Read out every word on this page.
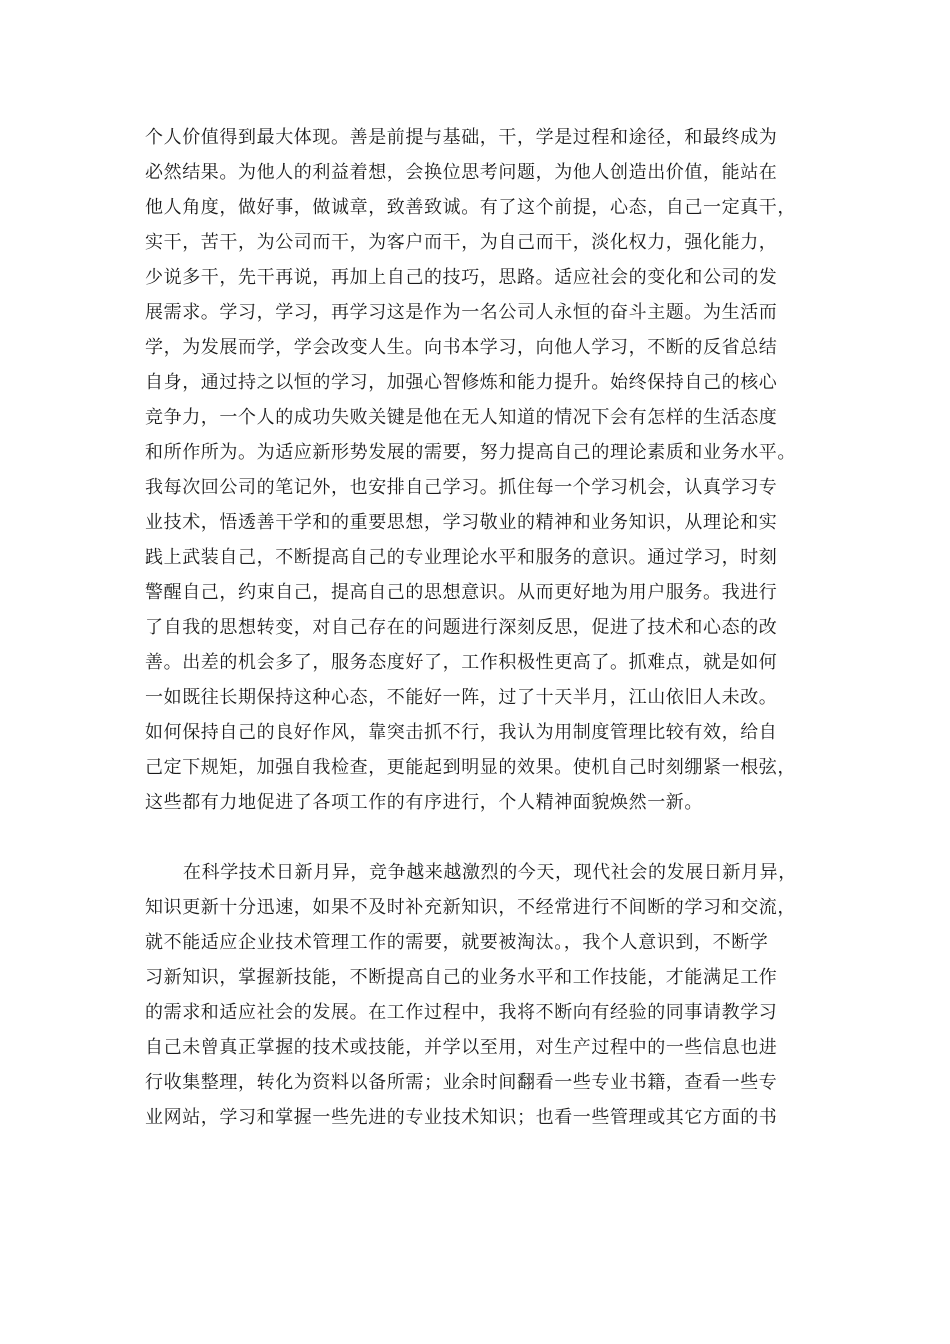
个人价值得到最大体现。善是前提与基础，干，学是过程和途径，和最终成为
必然结果。为他人的利益着想，会换位思考问题，为他人创造出价值，能站在
他人角度，做好事，做诚章，致善致诚。有了这个前提，心态，自己一定真干，
实干，苦干，为公司而干，为客户而干，为自己而干，淡化权力，强化能力，
少说多干，先干再说，再加上自己的技巧，思路。适应社会的变化和公司的发
展需求。学习，学习，再学习这是作为一名公司人永恒的奋斗主题。为生活而
学，为发展而学，学会改变人生。向书本学习，向他人学习，不断的反省总结
自身，通过持之以恒的学习，加强心智修炼和能力提升。始终保持自己的核心
竞争力，一个人的成功失败关键是他在无人知道的情况下会有怎样的生活态度
和所作所为。为适应新形势发展的需要，努力提高自己的理论素质和业务水平。
我每次回公司的笔记外，也安排自己学习。抓住每一个学习机会，认真学习专
业技术，悟透善干学和的重要思想，学习敬业的精神和业务知识，从理论和实
践上武装自己，不断提高自己的专业理论水平和服务的意识。通过学习，时刻
警醒自己，约束自己，提高自己的思想意识。从而更好地为用户服务。我进行
了自我的思想转变，对自己存在的问题进行深刻反思，促进了技术和心态的改
善。出差的机会多了，服务态度好了，工作积极性更高了。抓难点，就是如何
一如既往长期保持这种心态，不能好一阵，过了十天半月，江山依旧人未改。
如何保持自己的良好作风，靠突击抓不行，我认为用制度管理比较有效，给自
己定下规矩，加强自我检查，更能起到明显的效果。使机自己时刻绷紧一根弦，
这些都有力地促进了各项工作的有序进行，个人精神面貌焕然一新。
在科学技术日新月异，竞争越来越激烈的今天，现代社会的发展日新月异，
知识更新十分迅速，如果不及时补充新知识，不经常进行不间断的学习和交流，
就不能适应企业技术管理工作的需要，就要被淘汰。，我个人意识到，不断学
习新知识，掌握新技能，不断提高自己的业务水平和工作技能，才能满足工作
的需求和适应社会的发展。在工作过程中，我将不断向有经验的同事请教学习
自己未曾真正掌握的技术或技能，并学以至用，对生产过程中的一些信息也进
行收集整理，转化为资料以备所需；业余时间翻看一些专业书籍，查看一些专
业网站，学习和掌握一些先进的专业技术知识；也看一些管理或其它方面的书
